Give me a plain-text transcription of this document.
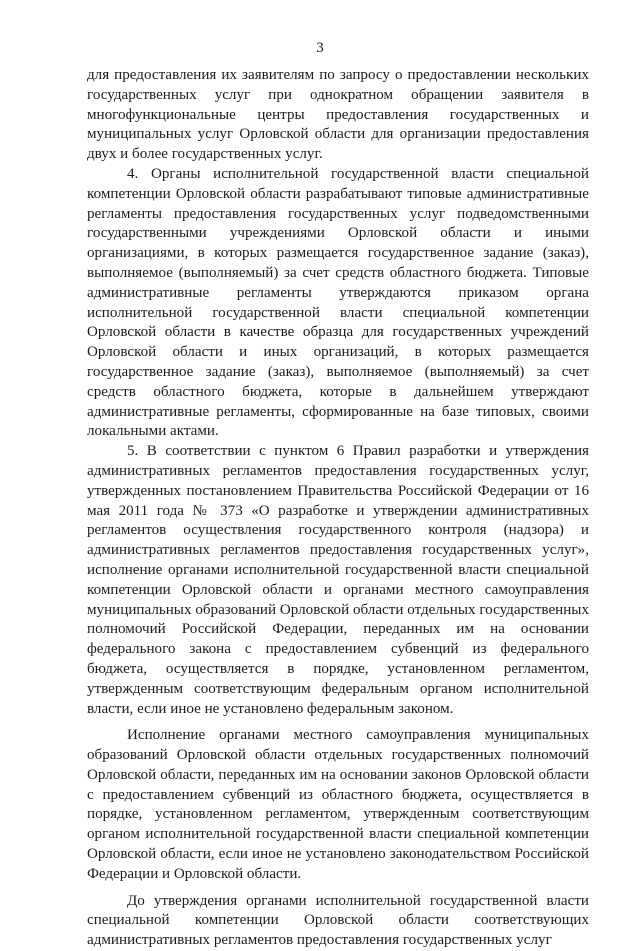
3

для предоставления их заявителям по запросу о предоставлении нескольких государственных услуг при однократном обращении заявителя в многофункциональные центры предоставления государственных и муниципальных услуг Орловской области для организации предоставления двух и более государственных услуг.

4. Органы исполнительной государственной власти специальной компетенции Орловской области разрабатывают типовые административные регламенты предоставления государственных услуг подведомственными государственными учреждениями Орловской области и иными организациями, в которых размещается государственное задание (заказ), выполняемое (выполняемый) за счет средств областного бюджета. Типовые административные регламенты утверждаются приказом органа исполнительной государственной власти специальной компетенции Орловской области в качестве образца для государственных учреждений Орловской области и иных организаций, в которых размещается государственное задание (заказ), выполняемое (выполняемый) за счет средств областного бюджета, которые в дальнейшем утверждают административные регламенты, сформированные на базе типовых, своими локальными актами.

5. В соответствии с пунктом 6 Правил разработки и утверждения административных регламентов предоставления государственных услуг, утвержденных постановлением Правительства Российской Федерации от 16 мая 2011 года № 373 «О разработке и утверждении административных регламентов осуществления государственного контроля (надзора) и административных регламентов предоставления государственных услуг», исполнение органами исполнительной государственной власти специальной компетенции Орловской области и органами местного самоуправления муниципальных образований Орловской области отдельных государственных полномочий Российской Федерации, переданных им на основании федерального закона с предоставлением субвенций из федерального бюджета, осуществляется в порядке, установленном регламентом, утвержденным соответствующим федеральным органом исполнительной власти, если иное не установлено федеральным законом.

Исполнение органами местного самоуправления муниципальных образований Орловской области отдельных государственных полномочий Орловской области, переданных им на основании законов Орловской области с предоставлением субвенций из областного бюджета, осуществляется в порядке, установленном регламентом, утвержденным соответствующим органом исполнительной государственной власти специальной компетенции Орловской области, если иное не установлено законодательством Российской Федерации и Орловской области.

До утверждения органами исполнительной государственной власти специальной компетенции Орловской области соответствующих административных регламентов предоставления государственных услуг
